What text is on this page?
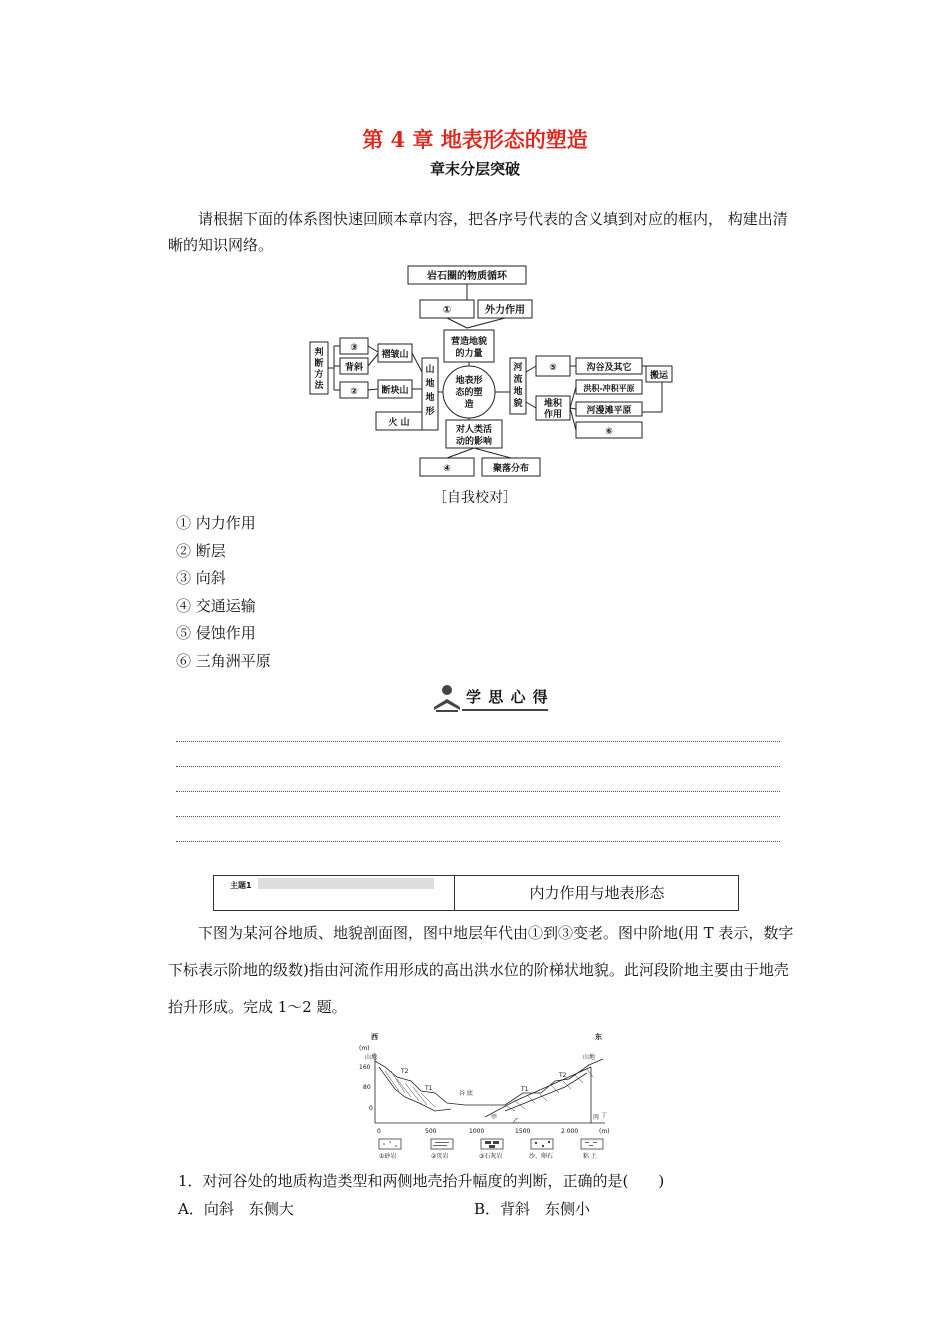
第 4 章 地表形态的塑造
章末分层突破
请根据下面的体系图快速回顾本章内容，把各序号代表的含义填到对应的框内， 构建出清晰的知识网络。
岩石圈的物质循环
①	外力作用
营造地貌
的力量
地表形
态的塑
造
山
地
地
形
褶皱山
断块山
火 山
③
背斜
②
判
断
方
法
河
流
地
貌
⑤
堆积
作用
沟谷及其它
洪积-冲积平原
河漫滩平原
⑥
搬运
对人类活
动的影响
④	聚落分布
［自我校对］
① 内力作用
② 断层
③ 向斜
④ 交通运输
⑤ 侵蚀作用
⑥ 三角洲平原
学 思 心 得
主题1	内力作用与地表形态
下图为某河谷地质、地貌剖面图，图中地层年代由①到③变老。图中阶地(用 T 表示，数字下标表示阶地的级数)指由河流作用形成的高出洪水位的阶梯状地貌。此河段阶地主要由于地壳抬升形成。完成 1～2 题。
西	东
(m)
160
80
0
山地	山地
T2
T1
谷 底
T1
T2
甲
乙
丙 丁
0	500	1000	1500	2 000	(m)
①砂岩	②页岩	③石灰岩	沙、卵石	粘 土
1．对河谷处的地质构造类型和两侧地壳抬升幅度的判断，正确的是(　　)
A．向斜　东侧大	B．背斜　东侧小
